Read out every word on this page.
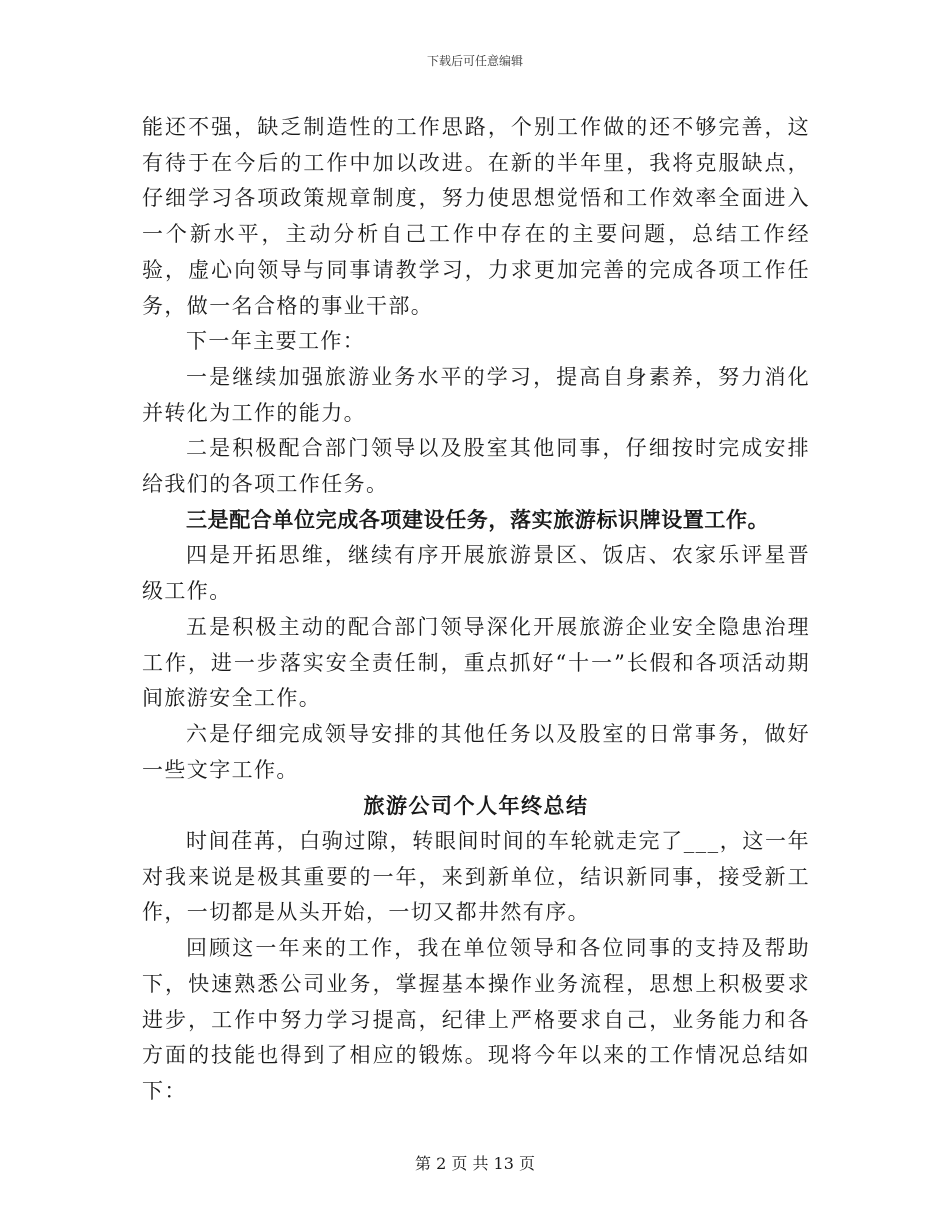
下载后可任意编辑

能还不强，缺乏制造性的工作思路，个别工作做的还不够完善，这有待于在今后的工作中加以改进。在新的半年里，我将克服缺点，仔细学习各项政策规章制度，努力使思想觉悟和工作效率全面进入一个新水平，主动分析自己工作中存在的主要问题，总结工作经验，虚心向领导与同事请教学习，力求更加完善的完成各项工作任务，做一名合格的事业干部。

下一年主要工作：

一是继续加强旅游业务水平的学习，提高自身素养，努力消化并转化为工作的能力。

二是积极配合部门领导以及股室其他同事，仔细按时完成安排给我们的各项工作任务。

三是配合单位完成各项建设任务，落实旅游标识牌设置工作。

四是开拓思维，继续有序开展旅游景区、饭店、农家乐评星晋级工作。

五是积极主动的配合部门领导深化开展旅游企业安全隐患治理工作，进一步落实安全责任制，重点抓好“十一”长假和各项活动期间旅游安全工作。

六是仔细完成领导安排的其他任务以及股室的日常事务，做好一些文字工作。

旅游公司个人年终总结

时间荏苒，白驹过隙，转眼间时间的车轮就走完了___，这一年对我来说是极其重要的一年，来到新单位，结识新同事，接受新工作，一切都是从头开始，一切又都井然有序。

回顾这一年来的工作，我在单位领导和各位同事的支持及帮助下，快速熟悉公司业务，掌握基本操作业务流程，思想上积极要求进步，工作中努力学习提高，纪律上严格要求自己，业务能力和各方面的技能也得到了相应的锻炼。现将今年以来的工作情况总结如下：

第 2 页 共 13 页
